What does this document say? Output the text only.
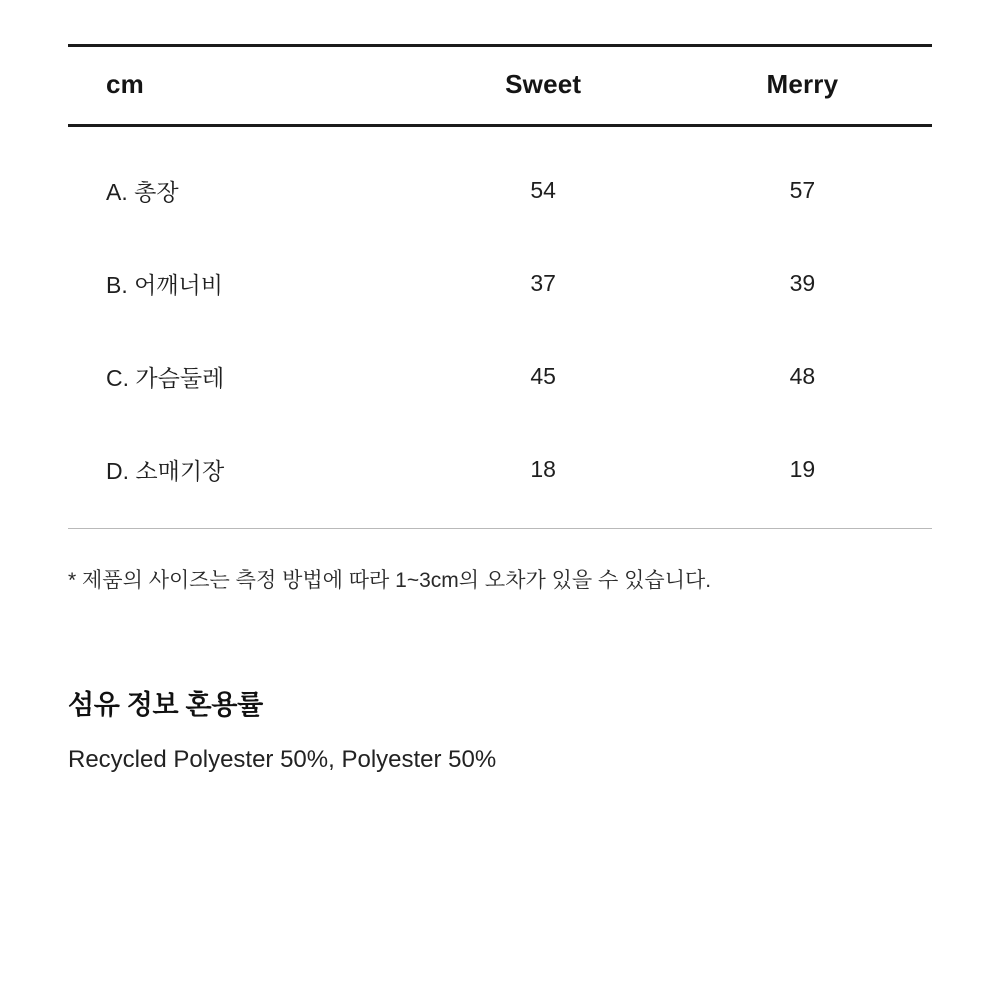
cm	Sweet	Merry
A. 총장	54	57
B. 어깨너비	37	39
C. 가슴둘레	45	48
D. 소매기장	18	19
* 제품의 사이즈는 측정 방법에 따라 1~3cm의 오차가 있을 수 있습니다.
섬유 정보 혼용률
Recycled Polyester 50%, Polyester 50%
